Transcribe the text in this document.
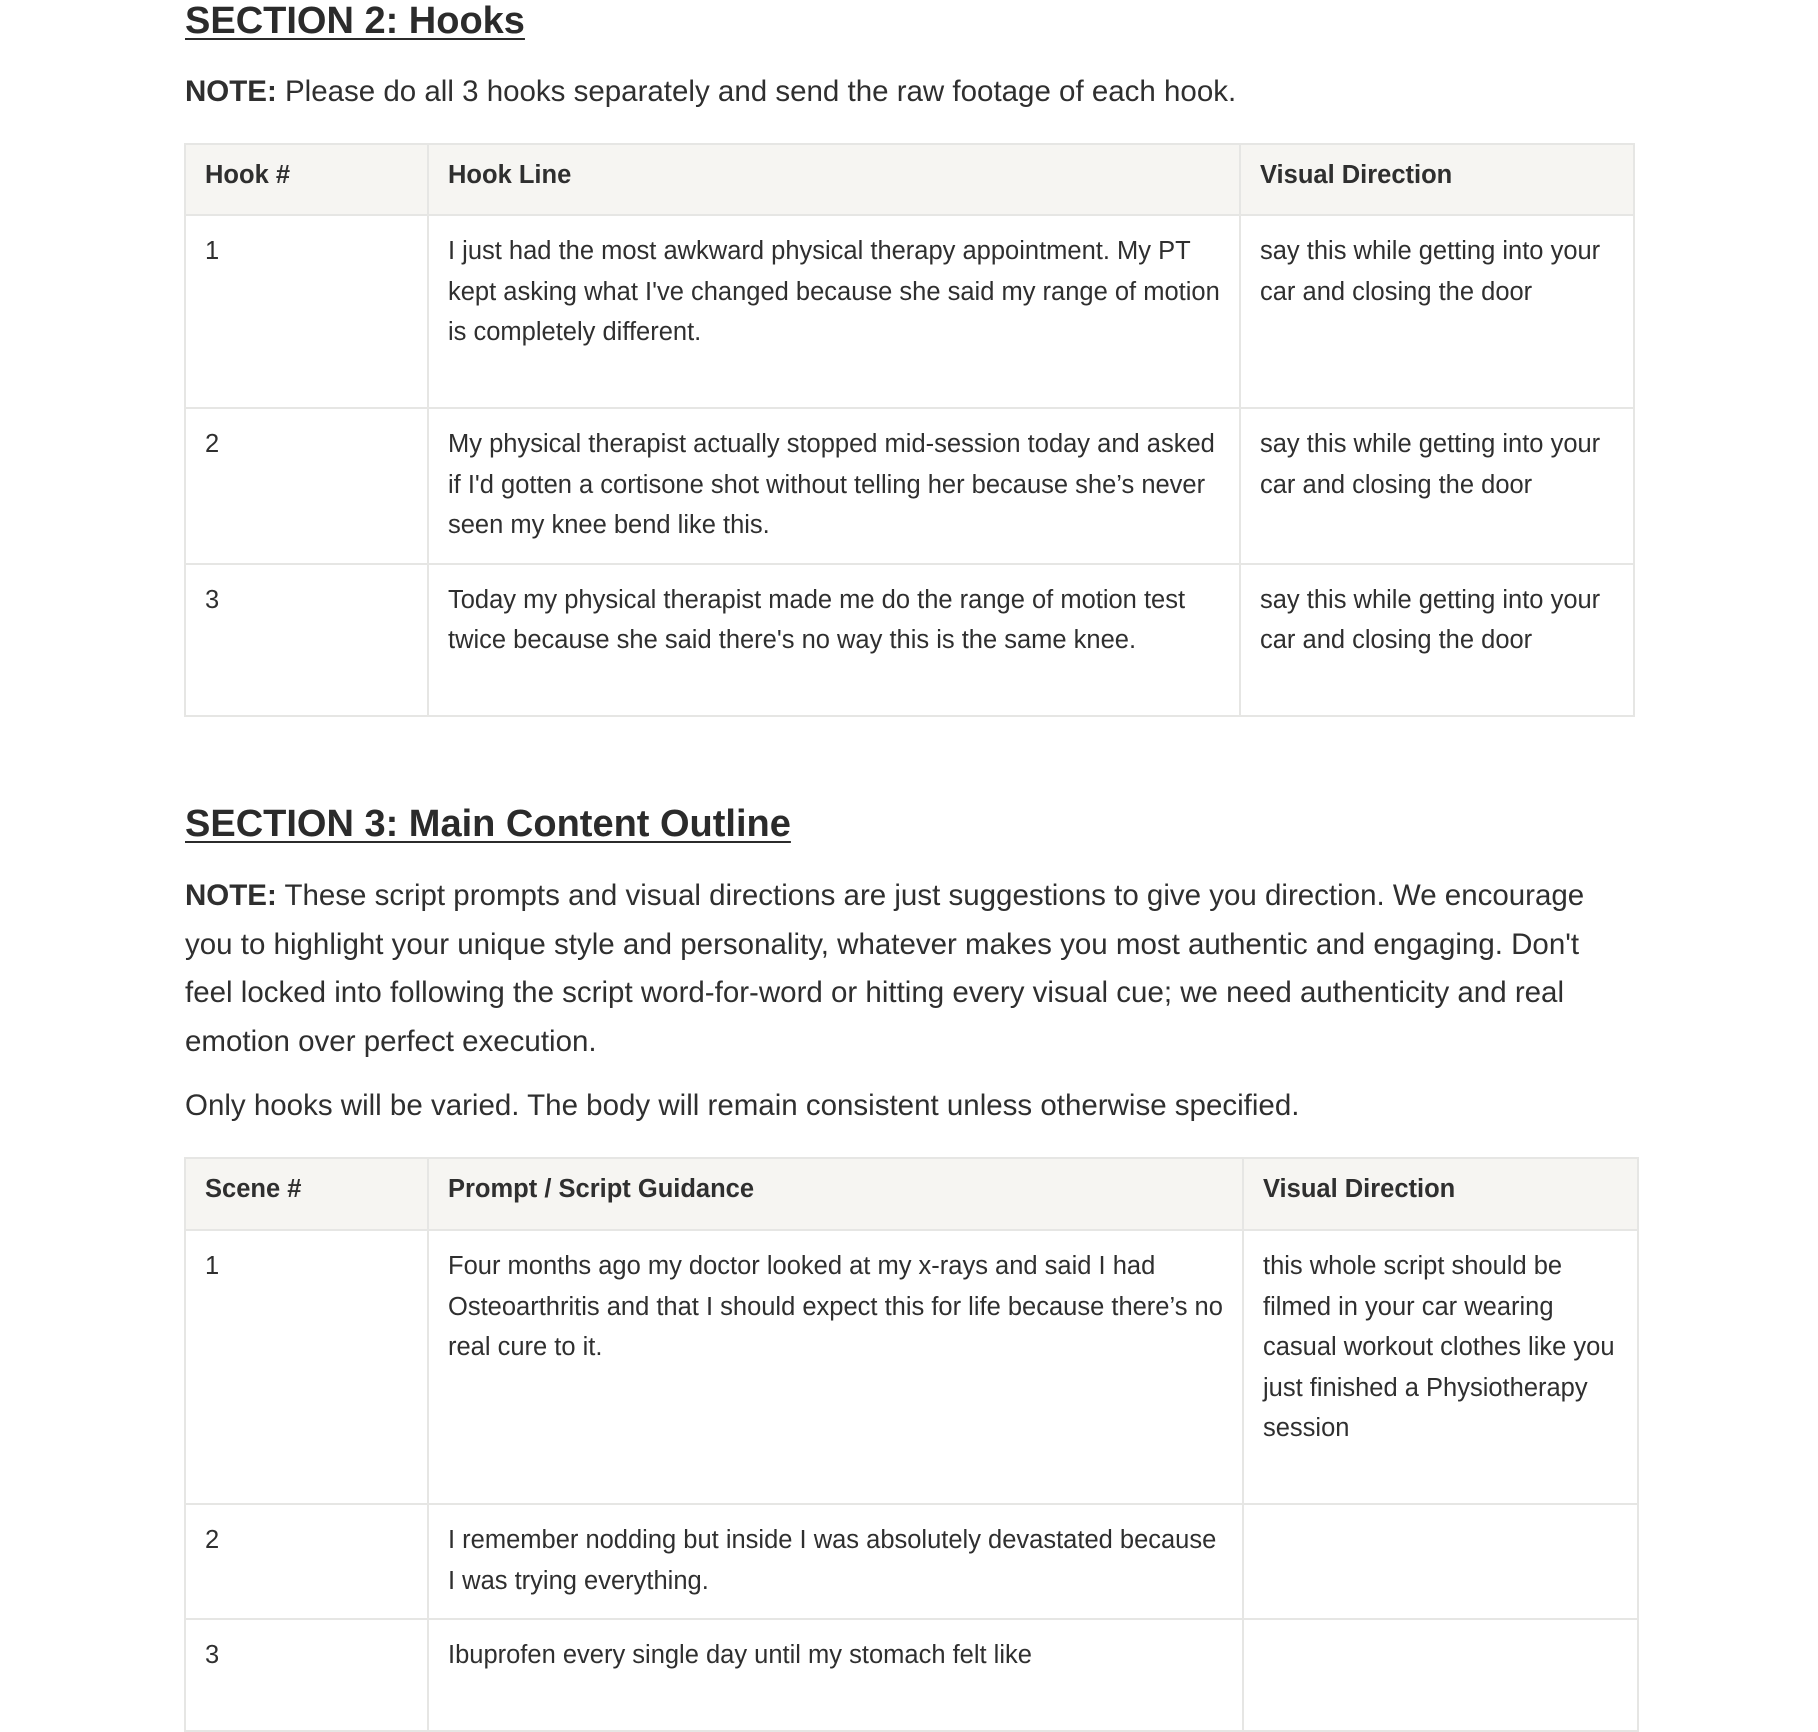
SECTION 2: Hooks

NOTE: Please do all 3 hooks separately and send the raw footage of each hook.

Hook #	Hook Line	Visual Direction
1	I just had the most awkward physical therapy appointment. My PT kept asking what I've changed because she said my range of motion is completely different.	say this while getting into your car and closing the door
2	My physical therapist actually stopped mid-session today and asked if I'd gotten a cortisone shot without telling her because she’s never seen my knee bend like this.	say this while getting into your car and closing the door
3	Today my physical therapist made me do the range of motion test twice because she said there's no way this is the same knee.	say this while getting into your car and closing the door
SECTION 3: Main Content Outline

NOTE: These script prompts and visual directions are just suggestions to give you direction. We encourage you to highlight your unique style and personality, whatever makes you most authentic and engaging. Don't feel locked into following the script word-for-word or hitting every visual cue; we need authenticity and real emotion over perfect execution.

Only hooks will be varied. The body will remain consistent unless otherwise specified.

Scene #	Prompt / Script Guidance	Visual Direction
1	Four months ago my doctor looked at my x-rays and said I had Osteoarthritis and that I should expect this for life because there’s no real cure to it.	this whole script should be filmed in your car wearing casual workout clothes like you just finished a Physiotherapy session
2	I remember nodding but inside I was absolutely devastated because I was trying everything.	
3	Ibuprofen every single day until my stomach felt like	
